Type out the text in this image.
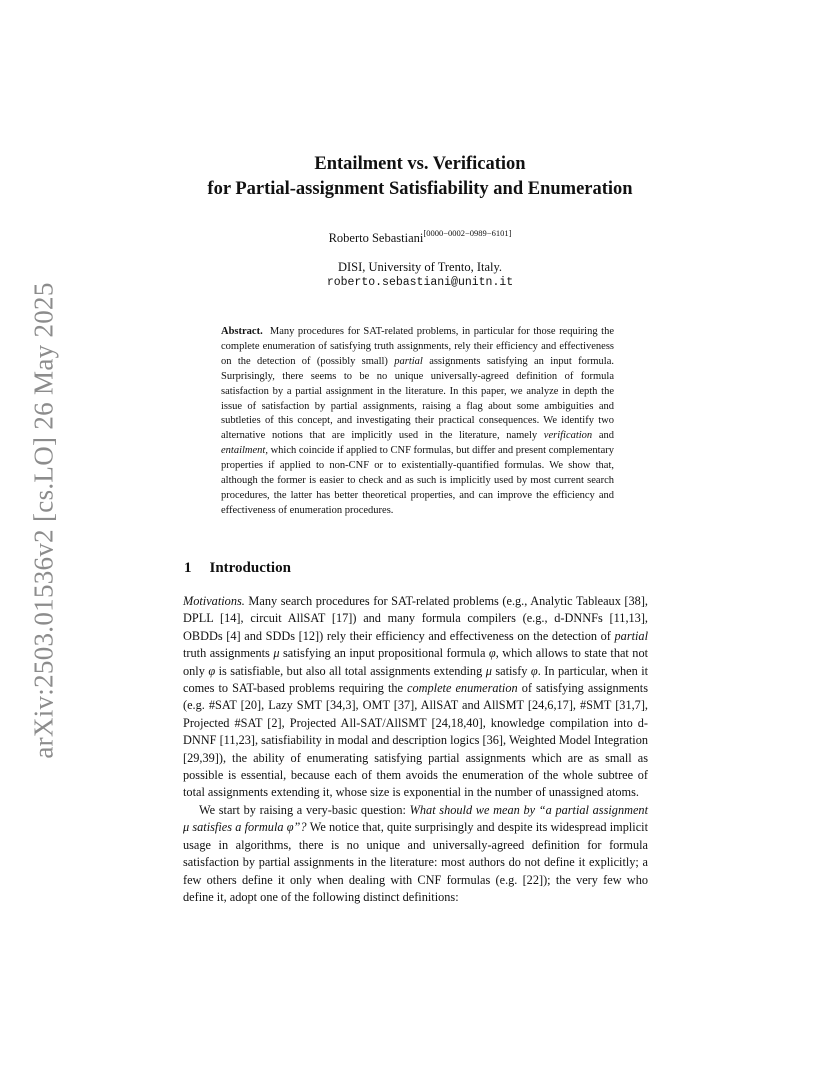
arXiv:2503.01536v2 [cs.LO] 26 May 2025
Entailment vs. Verification
for Partial-assignment Satisfiability and Enumeration
Roberto Sebastiani[0000−0002−0989−6101]
DISI, University of Trento, Italy.
roberto.sebastiani@unitn.it
Abstract. Many procedures for SAT-related problems, in particular for those requiring the complete enumeration of satisfying truth assignments, rely their efficiency and effectiveness on the detection of (possibly small) partial assignments satisfying an input formula. Surprisingly, there seems to be no unique universally-agreed definition of formula satisfaction by a partial assignment in the literature. In this paper, we analyze in depth the issue of satisfaction by partial assignments, raising a flag about some ambiguities and subtleties of this concept, and investigating their practical consequences. We identify two alternative notions that are implicitly used in the literature, namely verification and entailment, which coincide if applied to CNF formulas, but differ and present complementary properties if applied to non-CNF or to existentially-quantified formulas. We show that, although the former is easier to check and as such is implicitly used by most current search procedures, the latter has better theoretical properties, and can improve the efficiency and effectiveness of enumeration procedures.
1 Introduction

Motivations. Many search procedures for SAT-related problems (e.g., Analytic Tableaux [38], DPLL [14], circuit AllSAT [17]) and many formula compilers (e.g., d-DNNFs [11,13], OBDDs [4] and SDDs [12]) rely their efficiency and effectiveness on the detection of partial truth assignments μ satisfying an input propositional formula φ, which allows to state that not only φ is satisfiable, but also all total assignments extending μ satisfy φ. In particular, when it comes to SAT-based problems requiring the complete enumeration of satisfying assignments (e.g. #SAT [20], Lazy SMT [34,3], OMT [37], AllSAT and AllSMT [24,6,17], #SMT [31,7], Projected #SAT [2], Projected All-SAT/AllSMT [24,18,40], knowledge compilation into d-DNNF [11,23], satisfiability in modal and description logics [36], Weighted Model Integration [29,39]), the ability of enumerating satisfying partial assignments which are as small as possible is essential, because each of them avoids the enumeration of the whole subtree of total assignments extending it, whose size is exponential in the number of unassigned atoms.

We start by raising a very-basic question: What should we mean by “a partial assignment μ satisfies a formula φ”? We notice that, quite surprisingly and despite its widespread implicit usage in algorithms, there is no unique and universally-agreed definition for formula satisfaction by partial assignments in the literature: most authors do not define it explicitly; a few others define it only when dealing with CNF formulas (e.g. [22]); the very few who define it, adopt one of the following distinct definitions:
